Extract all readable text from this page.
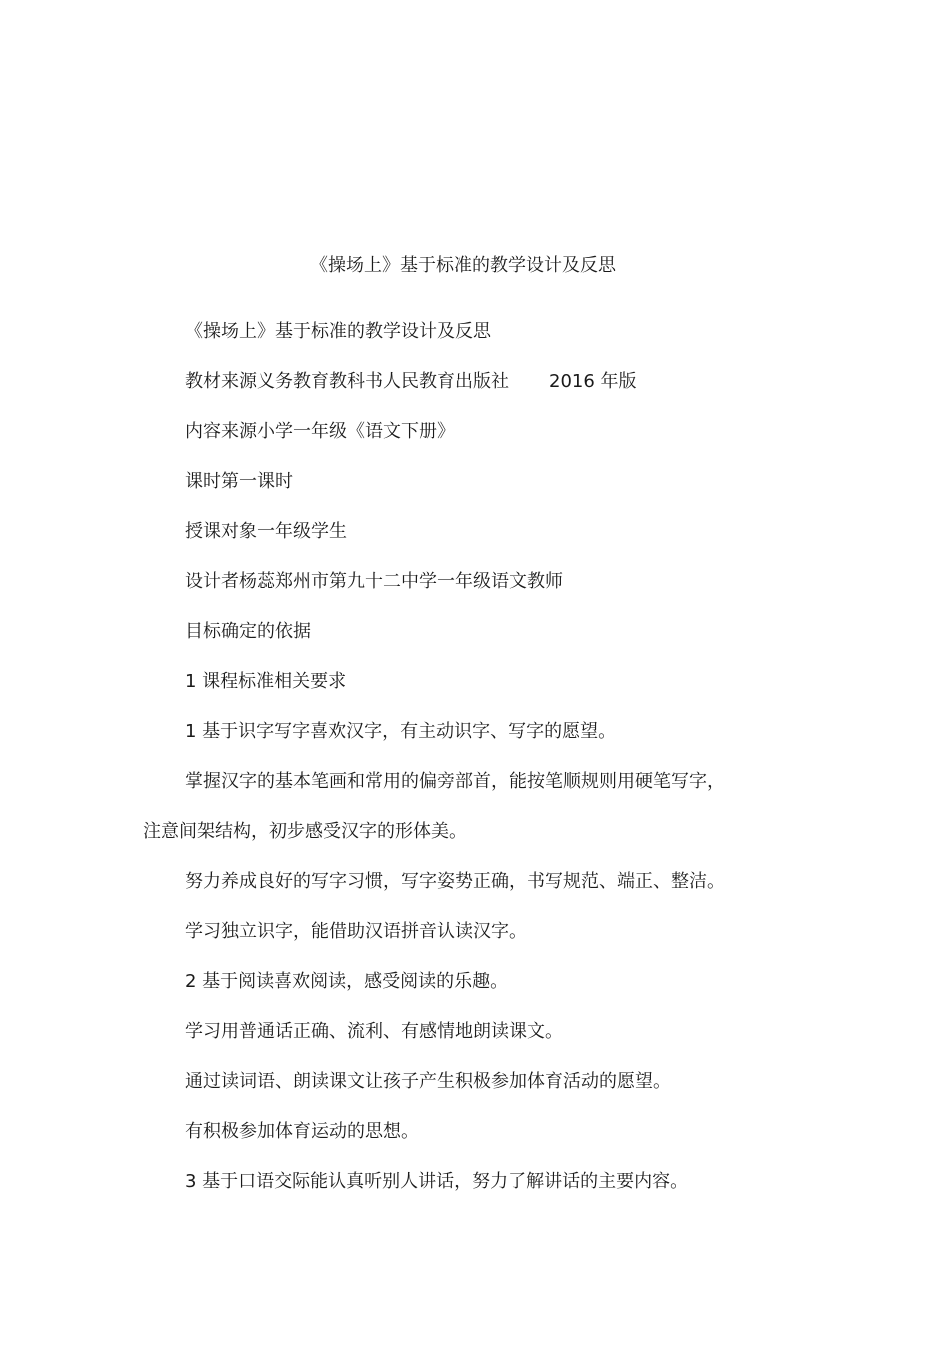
《操场上》基于标准的教学设计及反思
《操场上》基于标准的教学设计及反思
教材来源义务教育教科书人民教育出版社 2016 年版
内容来源小学一年级《语文下册》
课时第一课时
授课对象一年级学生
设计者杨蕊郑州市第九十二中学一年级语文教师
目标确定的依据
1 课程标准相关要求
1 基于识字写字喜欢汉字，有主动识字、写字的愿望。
掌握汉字的基本笔画和常用的偏旁部首，能按笔顺规则用硬笔写字，
注意间架结构，初步感受汉字的形体美。
努力养成良好的写字习惯，写字姿势正确，书写规范、端正、整洁。
学习独立识字，能借助汉语拼音认读汉字。
2 基于阅读喜欢阅读，感受阅读的乐趣。
学习用普通话正确、流利、有感情地朗读课文。
通过读词语、朗读课文让孩子产生积极参加体育活动的愿望。
有积极参加体育运动的思想。
3 基于口语交际能认真听别人讲话，努力了解讲话的主要内容。
